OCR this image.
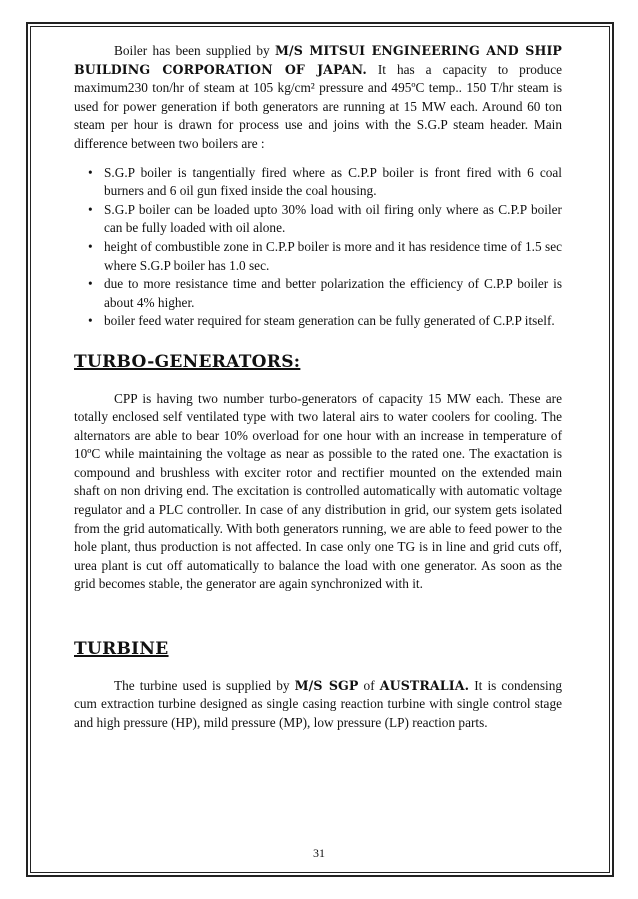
Boiler has been supplied by M/S MITSUI ENGINEERING AND SHIP BUILDING CORPORATION OF JAPAN. It has a capacity to produce maximum230 ton/hr of steam at 105 kg/cm² pressure and 495ºC temp.. 150 T/hr steam is used for power generation if both generators are running at 15 MW each. Around 60 ton steam per hour is drawn for process use and joins with the S.G.P steam header. Main difference between two boilers are :

• S.G.P boiler is tangentially fired where as C.P.P boiler is front fired with 6 coal burners and 6 oil gun fixed inside the coal housing.
• S.G.P boiler can be loaded upto 30% load with oil firing only where as C.P.P boiler can be fully loaded with oil alone.
• height of combustible zone in C.P.P boiler is more and it has residence time of 1.5 sec where S.G.P boiler has 1.0 sec.
• due to more resistance time and better polarization the efficiency of C.P.P boiler is about 4% higher.
• boiler feed water required for steam generation can be fully generated of C.P.P itself.
TURBO-GENERATORS:

CPP is having two number turbo-generators of capacity 15 MW each. These are totally enclosed self ventilated type with two lateral airs to water coolers for cooling. The alternators are able to bear 10% overload for one hour with an increase in temperature of 10ºC while maintaining the voltage as near as possible to the rated one. The exactation is compound and brushless with exciter rotor and rectifier mounted on the extended main shaft on non driving end. The excitation is controlled automatically with automatic voltage regulator and a PLC controller. In case of any distribution in grid, our system gets isolated from the grid automatically. With both generators running, we are able to feed power to the hole plant, thus production is not affected. In case only one TG is in line and grid cuts off, urea plant is cut off automatically to balance the load with one generator. As soon as the grid becomes stable, the generator are again synchronized with it.

TURBINE

The turbine used is supplied by M/S SGP of AUSTRALIA. It is condensing cum extraction turbine designed as single casing reaction turbine with single control stage and high pressure (HP), mild pressure (MP), low pressure (LP) reaction parts.

31
